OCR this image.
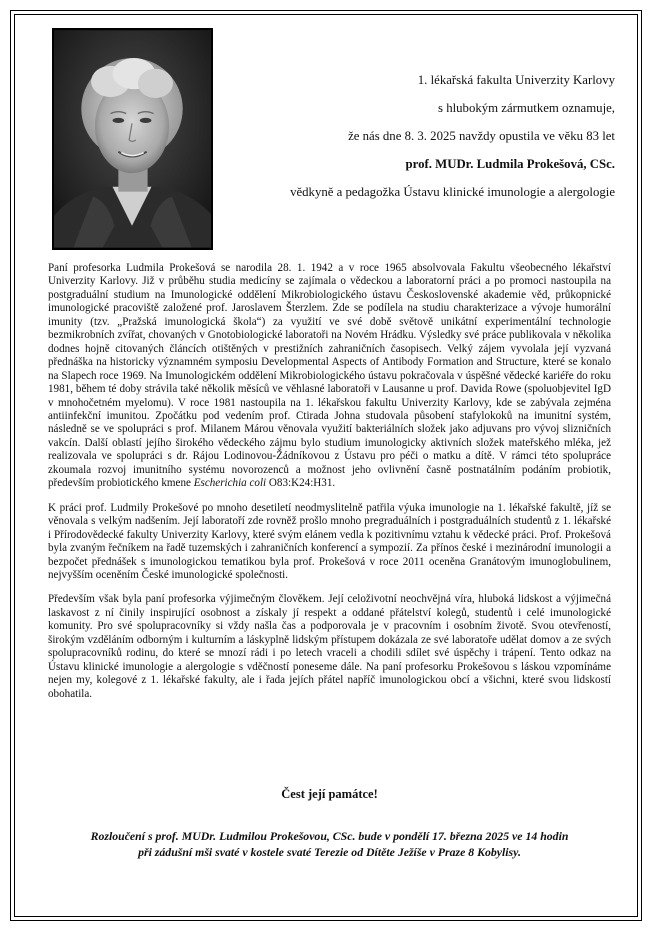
1. lékařská fakulta Univerzity Karlovy
s hlubokým zármutkem oznamuje,
že nás dne 8. 3. 2025 navždy opustila ve věku 83 let
prof. MUDr. Ludmila Prokešová, CSc.
vědkyně a pedagožka Ústavu klinické imunologie a alergologie

Paní profesorka Ludmila Prokešová se narodila 28. 1. 1942 a v roce 1965 absolvovala Fakultu všeobecného lékařství Univerzity Karlovy. Již v průběhu studia medicíny se zajímala o vědeckou a laboratorní práci a po promoci nastoupila na postgraduální studium na Imunologické oddělení Mikrobiologického ústavu Československé akademie věd, průkopnické imunologické pracoviště založené prof. Jaroslavem Šterzlem. Zde se podílela na studiu charakterizace a vývoje humorální imunity (tzv. „Pražská imunologická škola“) za využití ve své době světově unikátní experimentální technologie bezmikrobních zvířat, chovaných v Gnotobiologické laboratoři na Novém Hrádku. Výsledky své práce publikovala v několika dodnes hojně citovaných článcích otištěných v prestižních zahraničních časopisech. Velký zájem vyvolala její vyzvaná přednáška na historicky významném symposiu Developmental Aspects of Antibody Formation and Structure, které se konalo na Slapech roce 1969. Na Imunologickém oddělení Mikrobiologického ústavu pokračovala v úspěšné vědecké kariéře do roku 1981, během té doby strávila také několik měsíců ve věhlasné laboratoři v Lausanne u prof. Davida Rowe (spoluobjevitel IgD v mnohočetném myelomu). V roce 1981 nastoupila na 1. lékařskou fakultu Univerzity Karlovy, kde se zabývala zejména antiinfekční imunitou. Zpočátku pod vedením prof. Ctirada Johna studovala působení stafylokoků na imunitní systém, následně se ve spolupráci s prof. Milanem Márou věnovala využití bakteriálních složek jako adjuvans pro vývoj slizničních vakcín. Další oblastí jejího širokého vědeckého zájmu bylo studium imunologicky aktivních složek mateřského mléka, jež realizovala ve spolupráci s dr. Rájou Lodinovou-Žádníkovou z Ústavu pro péči o matku a dítě. V rámci této spolupráce zkoumala rozvoj imunitního systému novorozenců a možnost jeho ovlivnění časně postnatálním podáním probiotik, především probiotického kmene Escherichia coli O83:K24:H31.

K práci prof. Ludmily Prokešové po mnoho desetiletí neodmyslitelně patřila výuka imunologie na 1. lékařské fakultě, jíž se věnovala s velkým nadšením. Její laboratoří zde rovněž prošlo mnoho pregraduálních i postgraduálních studentů z 1. lékařské i Přírodovědecké fakulty Univerzity Karlovy, které svým elánem vedla k pozitivnímu vztahu k vědecké práci. Prof. Prokešová byla zvaným řečníkem na řadě tuzemských i zahraničních konferencí a sympozií. Za přínos české i mezinárodní imunologii a bezpočet přednášek s imunologickou tematikou byla prof. Prokešová v roce 2011 oceněna Granátovým imunoglobulinem, nejvyšším oceněním České imunologické společnosti.

Především však byla paní profesorka výjimečným člověkem. Její celoživotní neochvějná víra, hluboká lidskost a výjimečná laskavost z ní činily inspirující osobnost a získaly jí respekt a oddané přátelství kolegů, studentů i celé imunologické komunity. Pro své spolupracovníky si vždy našla čas a podporovala je v pracovním i osobním životě. Svou otevřeností, širokým vzděláním odborným i kulturním a láskyplně lidským přístupem dokázala ze své laboratoře udělat domov a ze svých spolupracovníků rodinu, do které se mnozí rádi i po letech vraceli a chodili sdílet své úspěchy i trápení. Tento odkaz na Ústavu klinické imunologie a alergologie s vděčností poneseme dále. Na paní profesorku Prokešovou s láskou vzpomínáme nejen my, kolegové z 1. lékařské fakulty, ale i řada jejích přátel napříč imunologickou obcí a všichni, které svou lidskostí obohatila.

Čest její památce!
Rozloučení s prof. MUDr. Ludmilou Prokešovou, CSc. bude v pondělí 17. března 2025 ve 14 hodin
při zádušní mši svaté v kostele svaté Terezie od Dítěte Ježíše v Praze 8 Kobylisy.
